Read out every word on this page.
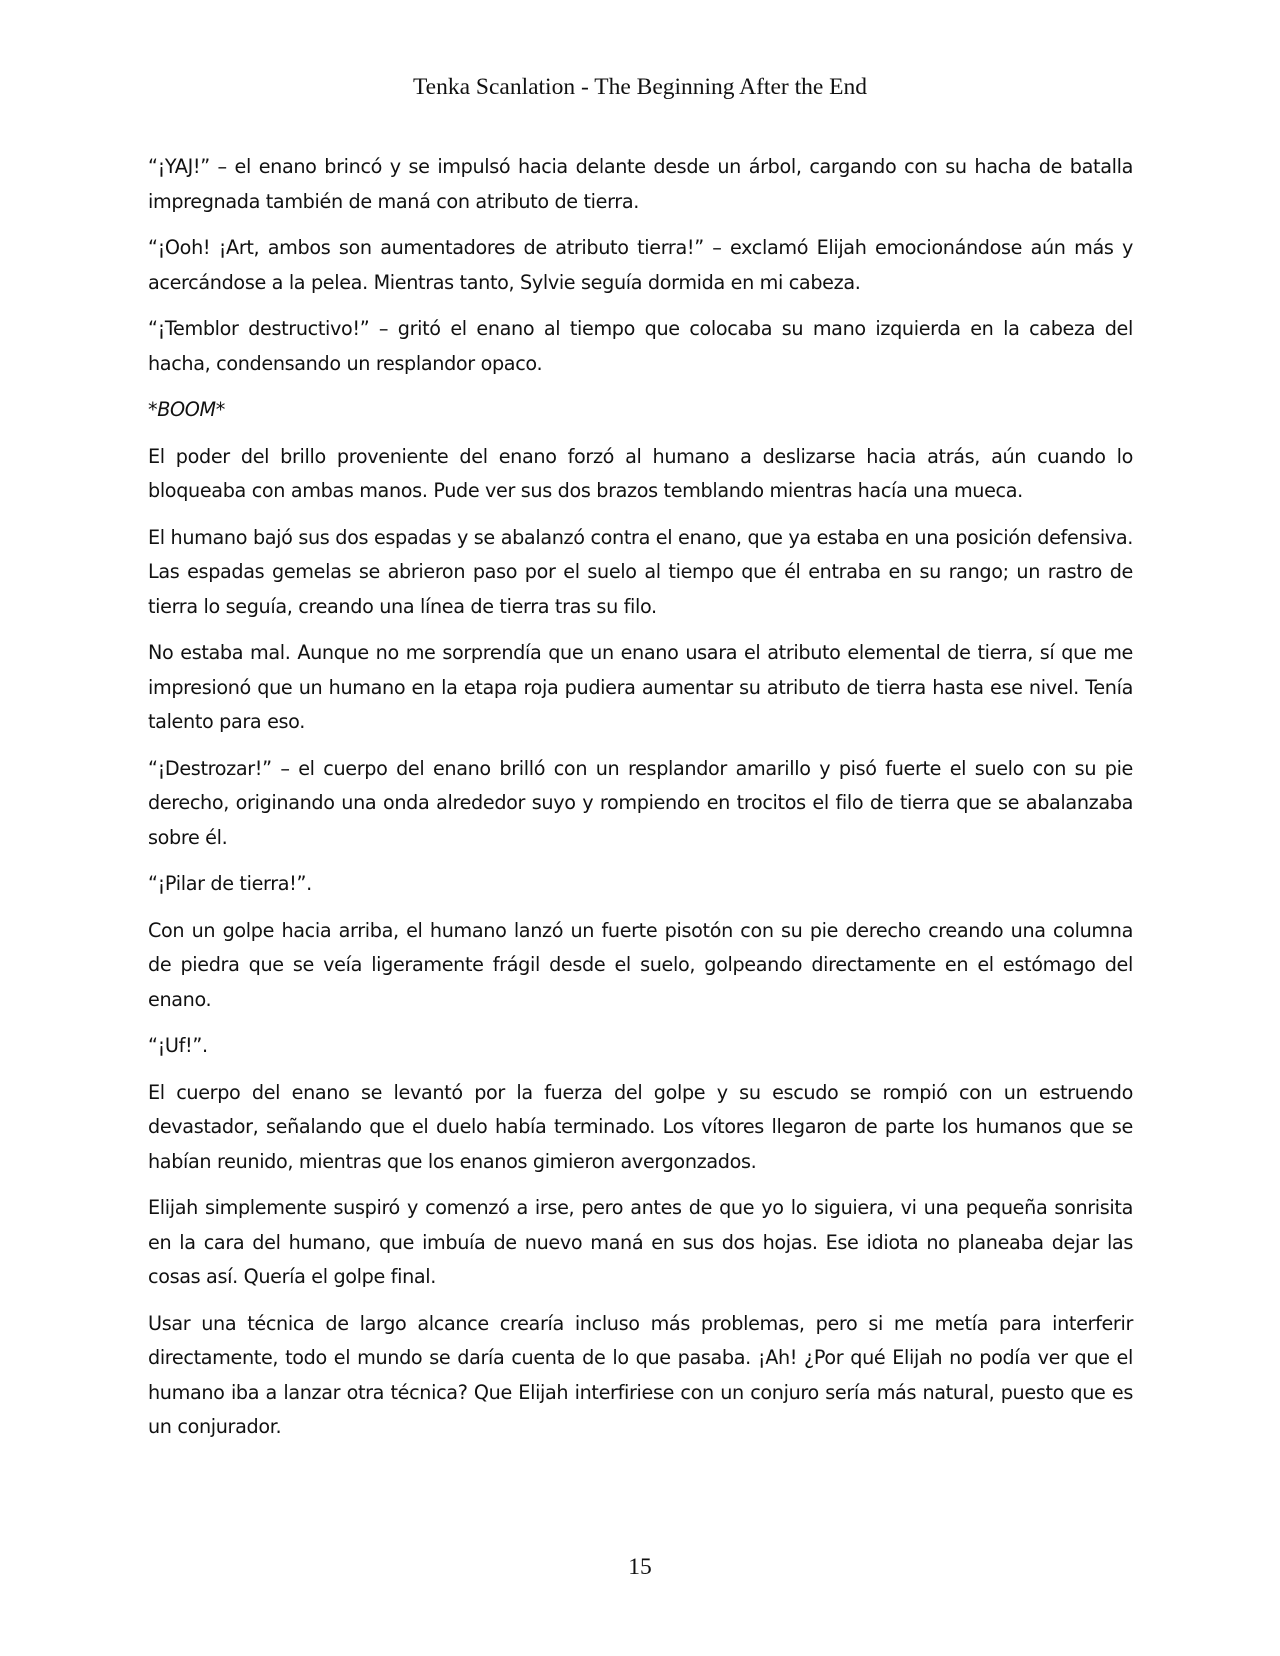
Tenka Scanlation - The Beginning After the End

“¡YAJ!” – el enano brincó y se impulsó hacia delante desde un árbol, cargando con su hacha de batalla impregnada también de maná con atributo de tierra.

“¡Ooh! ¡Art, ambos son aumentadores de atributo tierra!” – exclamó Elijah emocionándose aún más y acercándose a la pelea. Mientras tanto, Sylvie seguía dormida en mi cabeza.

“¡Temblor destructivo!” – gritó el enano al tiempo que colocaba su mano izquierda en la cabeza del hacha, condensando un resplandor opaco.

*BOOM*

El poder del brillo proveniente del enano forzó al humano a deslizarse hacia atrás, aún cuando lo bloqueaba con ambas manos. Pude ver sus dos brazos temblando mientras hacía una mueca.

El humano bajó sus dos espadas y se abalanzó contra el enano, que ya estaba en una posición defensiva. Las espadas gemelas se abrieron paso por el suelo al tiempo que él entraba en su rango; un rastro de tierra lo seguía, creando una línea de tierra tras su filo.

No estaba mal. Aunque no me sorprendía que un enano usara el atributo elemental de tierra, sí que me impresionó que un humano en la etapa roja pudiera aumentar su atributo de tierra hasta ese nivel. Tenía talento para eso.

“¡Destrozar!” – el cuerpo del enano brilló con un resplandor amarillo y pisó fuerte el suelo con su pie derecho, originando una onda alrededor suyo y rompiendo en trocitos el filo de tierra que se abalanzaba sobre él.

“¡Pilar de tierra!”.

Con un golpe hacia arriba, el humano lanzó un fuerte pisotón con su pie derecho creando una columna de piedra que se veía ligeramente frágil desde el suelo, golpeando directamente en el estómago del enano.

“¡Uf!”.

El cuerpo del enano se levantó por la fuerza del golpe y su escudo se rompió con un estruendo devastador, señalando que el duelo había terminado. Los vítores llegaron de parte los humanos que se habían reunido, mientras que los enanos gimieron avergonzados.

Elijah simplemente suspiró y comenzó a irse, pero antes de que yo lo siguiera, vi una pequeña sonrisita en la cara del humano, que imbuía de nuevo maná en sus dos hojas. Ese idiota no planeaba dejar las cosas así. Quería el golpe final.

Usar una técnica de largo alcance crearía incluso más problemas, pero si me metía para interferir directamente, todo el mundo se daría cuenta de lo que pasaba. ¡Ah! ¿Por qué Elijah no podía ver que el humano iba a lanzar otra técnica? Que Elijah interfiriese con un conjuro sería más natural, puesto que es un conjurador.

15
